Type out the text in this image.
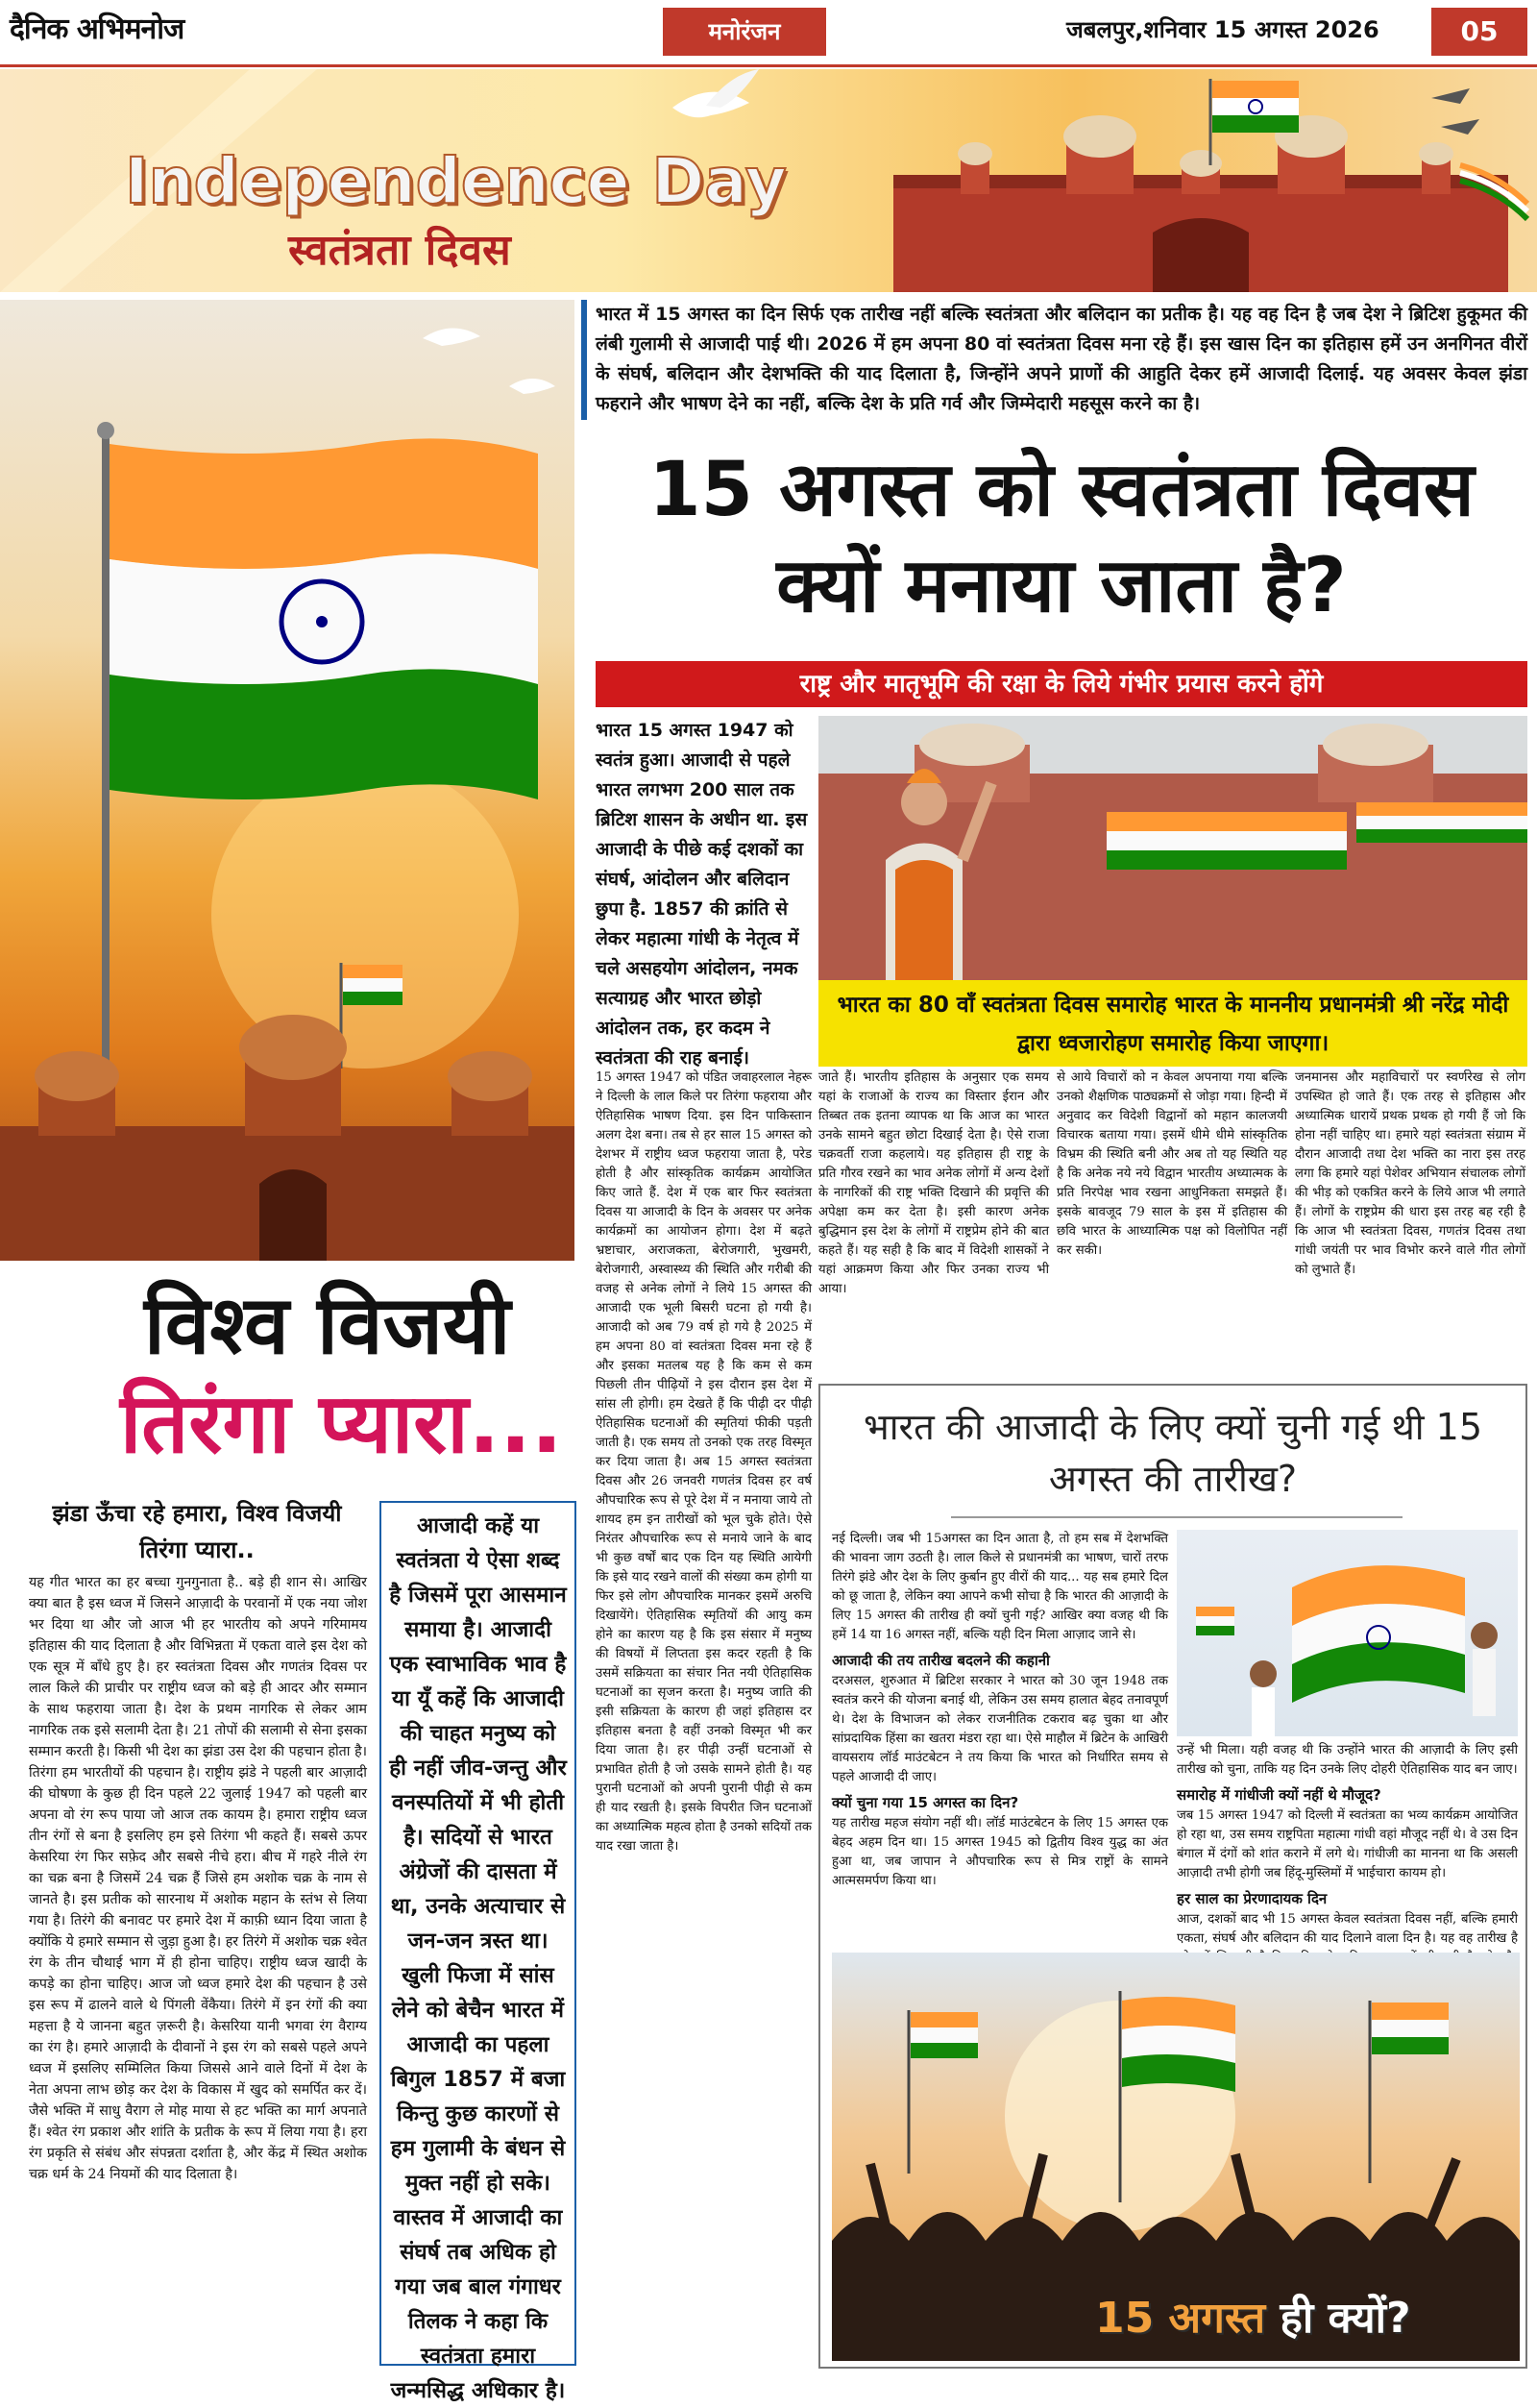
दैनिक अभिमनोज	मनोरंजन	जबलपुर,शनिवार 15 अगस्त 2026	05
Independence Day
स्वतंत्रता दिवस
विश्व विजयी
तिरंगा प्यारा...
झंडा ऊँचा रहे हमारा, विश्व विजयी तिरंगा प्यारा..
यह गीत भारत का हर बच्चा गुनगुनाता है.. बड़े ही शान से। आखिर क्या बात है इस ध्वज में जिसने आज़ादी के परवानों में एक नया जोश भर दिया था और जो आज भी हर भारतीय को अपने गरिमामय इतिहास की याद दिलाता है और विभिन्नता में एकता वाले इस देश को एक सूत्र में बाँधे हुए है। हर स्वतंत्रता दिवस और गणतंत्र दिवस पर लाल किले की प्राचीर पर राष्ट्रीय ध्वज को बड़े ही आदर और सम्मान के साथ फहराया जाता है। देश के प्रथम नागरिक से लेकर आम नागरिक तक इसे सलामी देता है। 21 तोपों की सलामी से सेना इसका सम्मान करती है। किसी भी देश का झंडा उस देश की पहचान होता है। तिरंगा हम भारतीयों की पहचान है। राष्ट्रीय झंडे ने पहली बार आज़ादी की घोषणा के कुछ ही दिन पहले 22 जुलाई 1947 को पहली बार अपना वो रंग रूप पाया जो आज तक कायम है। हमारा राष्ट्रीय ध्वज तीन रंगों से बना है इसलिए हम इसे तिरंगा भी कहते हैं। सबसे ऊपर केसरिया रंग फिर सफ़ेद और सबसे नीचे हरा। बीच में गहरे नीले रंग का चक्र बना है जिसमें 24 चक्र हैं जिसे हम अशोक चक्र के नाम से जानते है। इस प्रतीक को सारनाथ में अशोक महान के स्तंभ से लिया गया है। तिरंगे की बनावट पर हमारे देश में काफ़ी ध्यान दिया जाता है क्योंकि ये हमारे सम्मान से जुड़ा हुआ है। हर तिरंगे में अशोक चक्र श्वेत रंग के तीन चौथाई भाग में ही होना चाहिए। राष्ट्रीय ध्वज खादी के कपड़े का होना चाहिए। आज जो ध्वज हमारे देश की पहचान है उसे इस रूप में ढालने वाले थे पिंगली वेंकैया। तिरंगे में इन रंगों की क्या महत्ता है ये जानना बहुत ज़रूरी है। केसरिया यानी भगवा रंग वैराग्य का रंग है। हमारे आज़ादी के दीवानों ने इस रंग को सबसे पहले अपने ध्वज में इसलिए सम्मिलित किया जिससे आने वाले दिनों में देश के नेता अपना लाभ छोड़ कर देश के विकास में खुद को समर्पित कर दें। जैसे भक्ति में साधु वैराग ले मोह माया से हट भक्ति का मार्ग अपनाते हैं। श्वेत रंग प्रकाश और शांति के प्रतीक के रूप में लिया गया है। हरा रंग प्रकृति से संबंध और संपन्नता दर्शाता है, और केंद्र में स्थित अशोक चक्र धर्म के 24 नियमों की याद दिलाता है।
आजादी कहें या स्वतंत्रता ये ऐसा शब्द है जिसमें पूरा आसमान समाया है। आजादी एक स्वाभाविक भाव है या यूँ कहें कि आजादी की चाहत मनुष्य को ही नहीं जीव-जन्तु और वनस्पतियों में भी होती है। सदियों से भारत अंग्रेजों की दासता में था, उनके अत्याचार से जन-जन त्रस्त था। खुली फिजा में सांस लेने को बेचैन भारत में आजादी का पहला बिगुल 1857 में बजा किन्तु कुछ कारणों से हम गुलामी के बंधन से मुक्त नहीं हो सके। वास्तव में आजादी का संघर्ष तब अधिक हो गया जब बाल गंगाधर तिलक ने कहा कि स्वतंत्रता हमारा जन्मसिद्ध अधिकार है।
भारत में 15 अगस्त का दिन सिर्फ एक तारीख नहीं बल्कि स्वतंत्रता और बलिदान का प्रतीक है। यह वह दिन है जब देश ने ब्रिटिश हुकूमत की लंबी गुलामी से आजादी पाई थी। 2026 में हम अपना 80 वां स्वतंत्रता दिवस मना रहे हैं। इस खास दिन का इतिहास हमें उन अनगिनत वीरों के संघर्ष, बलिदान और देशभक्ति की याद दिलाता है, जिन्होंने अपने प्राणों की आहुति देकर हमें आजादी दिलाई. यह अवसर केवल झंडा फहराने और भाषण देने का नहीं, बल्कि देश के प्रति गर्व और जिम्मेदारी महसूस करने का है।
15 अगस्त को स्वतंत्रता दिवस क्यों मनाया जाता है?
राष्ट्र और मातृभूमि की रक्षा के लिये गंभीर प्रयास करने होंगे
भारत 15 अगस्त 1947 को स्वतंत्र हुआ। आजादी से पहले भारत लगभग 200 साल तक ब्रिटिश शासन के अधीन था. इस आजादी के पीछे कई दशकों का संघर्ष, आंदोलन और बलिदान छुपा है. 1857 की क्रांति से लेकर महात्मा गांधी के नेतृत्व में चले असहयोग आंदोलन, नमक सत्याग्रह और भारत छोड़ो आंदोलन तक, हर कदम ने स्वतंत्रता की राह बनाई।
भारत का 80 वाँ स्वतंत्रता दिवस समारोह भारत के माननीय प्रधानमंत्री श्री नरेंद्र मोदी द्वारा ध्वजारोहण समारोह किया जाएगा।
15 अगस्त 1947 को पंडित जवाहरलाल नेहरू ने दिल्ली के लाल किले पर तिरंगा फहराया और ऐतिहासिक भाषण दिया. इस दिन पाकिस्तान अलग देश बना। तब से हर साल 15 अगस्त को देशभर में राष्ट्रीय ध्वज फहराया जाता है, परेड होती है और सांस्कृतिक कार्यक्रम आयोजित किए जाते हैं. देश में एक बार फिर स्वतंत्रता दिवस या आजादी के दिन के अवसर पर अनेक कार्यक्रमों का आयोजन होगा। देश में बढ़ते भ्रष्टाचार, अराजकता, बेरोजगारी, भुखमरी, बेरोजगारी, अस्वास्थ्य की स्थिति और गरीबी की वजह से अनेक लोगों ने लिये 15 अगस्त की आजादी एक भूली बिसरी घटना हो गयी है। आजादी को अब 79 वर्ष हो गये है 2025 में हम अपना 80 वां स्वतंत्रता दिवस मना रहे हैं और इसका मतलब यह है कि कम से कम पिछली तीन पीढ़ियों ने इस दौरान इस देश में सांस ली होगी। हम देखते हैं कि पीढ़ी दर पीढ़ी ऐतिहासिक घटनाओं की स्मृतियां फीकी पड़ती जाती है। एक समय तो उनको एक तरह विस्मृत कर दिया जाता है। अब 15 अगस्त स्वतंत्रता दिवस और 26 जनवरी गणतंत्र दिवस हर वर्ष औपचारिक रूप से पूरे देश में न मनाया जाये तो शायद हम इन तारीखों को भूल चुके होते। ऐसे निरंतर औपचारिक रूप से मनाये जाने के बाद भी कुछ वर्षों बाद एक दिन यह स्थिति आयेगी कि इसे याद रखने वालों की संख्या कम होगी या फिर इसे लोग औपचारिक मानकर इसमें अरुचि दिखायेंगे। ऐतिहासिक स्मृतियों की आयु कम होने का कारण यह है कि इस संसार में मनुष्य की विषयों में लिप्तता इस कदर रहती है कि उसमें सक्रियता का संचार नित नयी ऐतिहासिक घटनाओं का सृजन करता है। मनुष्य जाति की इसी सक्रियता के कारण ही जहां इतिहास दर इतिहास बनता है वहीं उनको विस्मृत भी कर दिया जाता है। हर पीढ़ी उन्हीं घटनाओं से प्रभावित होती है जो उसके सामने होती है। यह पुरानी घटनाओं को अपनी पुरानी पीढ़ी से कम ही याद रखती है। इसके विपरीत जिन घटनाओं का अध्यात्मिक महत्व होता है उनको सदियों तक याद रखा जाता है।
जाते हैं। भारतीय इतिहास के अनुसार एक समय यहां के राजाओं के राज्य का विस्तार ईरान और तिब्बत तक इतना व्यापक था कि आज का भारत उनके सामने बहुत छोटा दिखाई देता है। ऐसे राजा चक्रवर्ती राजा कहलाये। यह इतिहास ही राष्ट्र के प्रति गौरव रखने का भाव अनेक लोगों में अन्य देशों के नागरिकों की राष्ट्र भक्ति दिखाने की प्रवृत्ति की अपेक्षा कम कर देता है। इसी कारण अनेक बुद्धिमान इस देश के लोगों में राष्ट्रप्रेम होने की बात कहते हैं। यह सही है कि बाद में विदेशी शासकों ने यहां आक्रमण किया और फिर उनका राज्य भी आया।
से आये विचारों को न केवल अपनाया गया बल्कि उनको शैक्षणिक पाठ्यक्रमों से जोड़ा गया। हिन्दी में अनुवाद कर विदेशी विद्वानों को महान कालजयी विचारक बताया गया। इसमें धीमे धीमे सांस्कृतिक विभ्रम की स्थिति बनी और अब तो यह स्थिति यह है कि अनेक नये नये विद्वान भारतीय अध्यात्मक के प्रति निरपेक्ष भाव रखना आधुनिकता समझते हैं। इसके बावजूद 79 साल के इस में इतिहास की छवि भारत के आध्यात्मिक पक्ष को विलोपित नहीं कर सकी।
जनमानस और महाविचारों पर स्वर्णरेख से लोग उपस्थित हो जाते हैं। एक तरह से इतिहास और अध्यात्मिक धारायें प्रथक प्रथक हो गयी हैं जो कि होना नहीं चाहिए था। हमारे यहां स्वतंत्रता संग्राम में दौरान आजादी तथा देश भक्ति का नारा इस तरह लगा कि हमारे यहां पेशेवर अभियान संचालक लोगों की भीड़ को एकत्रित करने के लिये आज भी लगाते हैं। लोगों के राष्ट्रप्रेम की धारा इस तरह बह रही है कि आज भी स्वतंत्रता दिवस, गणतंत्र दिवस तथा गांधी जयंती पर भाव विभोर करने वाले गीत लोगों को लुभाते हैं।
भारत की आजादी के लिए क्यों चुनी गई थी 15 अगस्त की तारीख?
नई दिल्ली। जब भी 15अगस्त का दिन आता है, तो हम सब में देशभक्ति की भावना जाग उठती है। लाल किले से प्रधानमंत्री का भाषण, चारों तरफ तिरंगे झंडे और देश के लिए कुर्बान हुए वीरों की याद... यह सब हमारे दिल को छू जाता है, लेकिन क्या आपने कभी सोचा है कि भारत की आज़ादी के लिए 15 अगस्त की तारीख ही क्यों चुनी गई? आखिर क्या वजह थी कि हमें 14 या 16 अगस्त नहीं, बल्कि यही दिन मिला आज़ाद जाने से।
आजादी की तय तारीख बदलने की कहानी
दरअसल, शुरुआत में ब्रिटिश सरकार ने भारत को 30 जून 1948 तक स्वतंत्र करने की योजना बनाई थी, लेकिन उस समय हालात बेहद तनावपूर्ण थे। देश के विभाजन को लेकर राजनीतिक टकराव बढ़ चुका था और सांप्रदायिक हिंसा का खतरा मंडरा रहा था। ऐसे माहौल में ब्रिटेन के आखिरी वायसराय लॉर्ड माउंटबेटन ने तय किया कि भारत को निर्धारित समय से पहले आजादी दी जाए।
क्यों चुना गया 15 अगस्त का दिन?
यह तारीख महज संयोग नहीं थी। लॉर्ड माउंटबेटन के लिए 15 अगस्त एक बेहद अहम दिन था। 15 अगस्त 1945 को द्वितीय विश्व युद्ध का अंत हुआ था, जब जापान ने औपचारिक रूप से मित्र राष्ट्रों के सामने आत्मसमर्पण किया था।
उन्हें भी मिला। यही वजह थी कि उन्होंने भारत की आज़ादी के लिए इसी तारीख को चुना, ताकि यह दिन उनके लिए दोहरी ऐतिहासिक याद बन जाए।
समारोह में गांधीजी क्यों नहीं थे मौजूद?
जब 15 अगस्त 1947 को दिल्ली में स्वतंत्रता का भव्य कार्यक्रम आयोजित हो रहा था, उस समय राष्ट्रपिता महात्मा गांधी वहां मौजूद नहीं थे। वे उस दिन बंगाल में दंगों को शांत कराने में लगे थे। गांधीजी का मानना था कि असली आज़ादी तभी होगी जब हिंदू-मुस्लिमों में भाईचारा कायम हो।
हर साल का प्रेरणादायक दिन
आज, दशकों बाद भी 15 अगस्त केवल स्वतंत्रता दिवस नहीं, बल्कि हमारी एकता, संघर्ष और बलिदान की याद दिलाने वाला दिन है। यह वह तारीख है
15 अगस्त ही क्यों?
